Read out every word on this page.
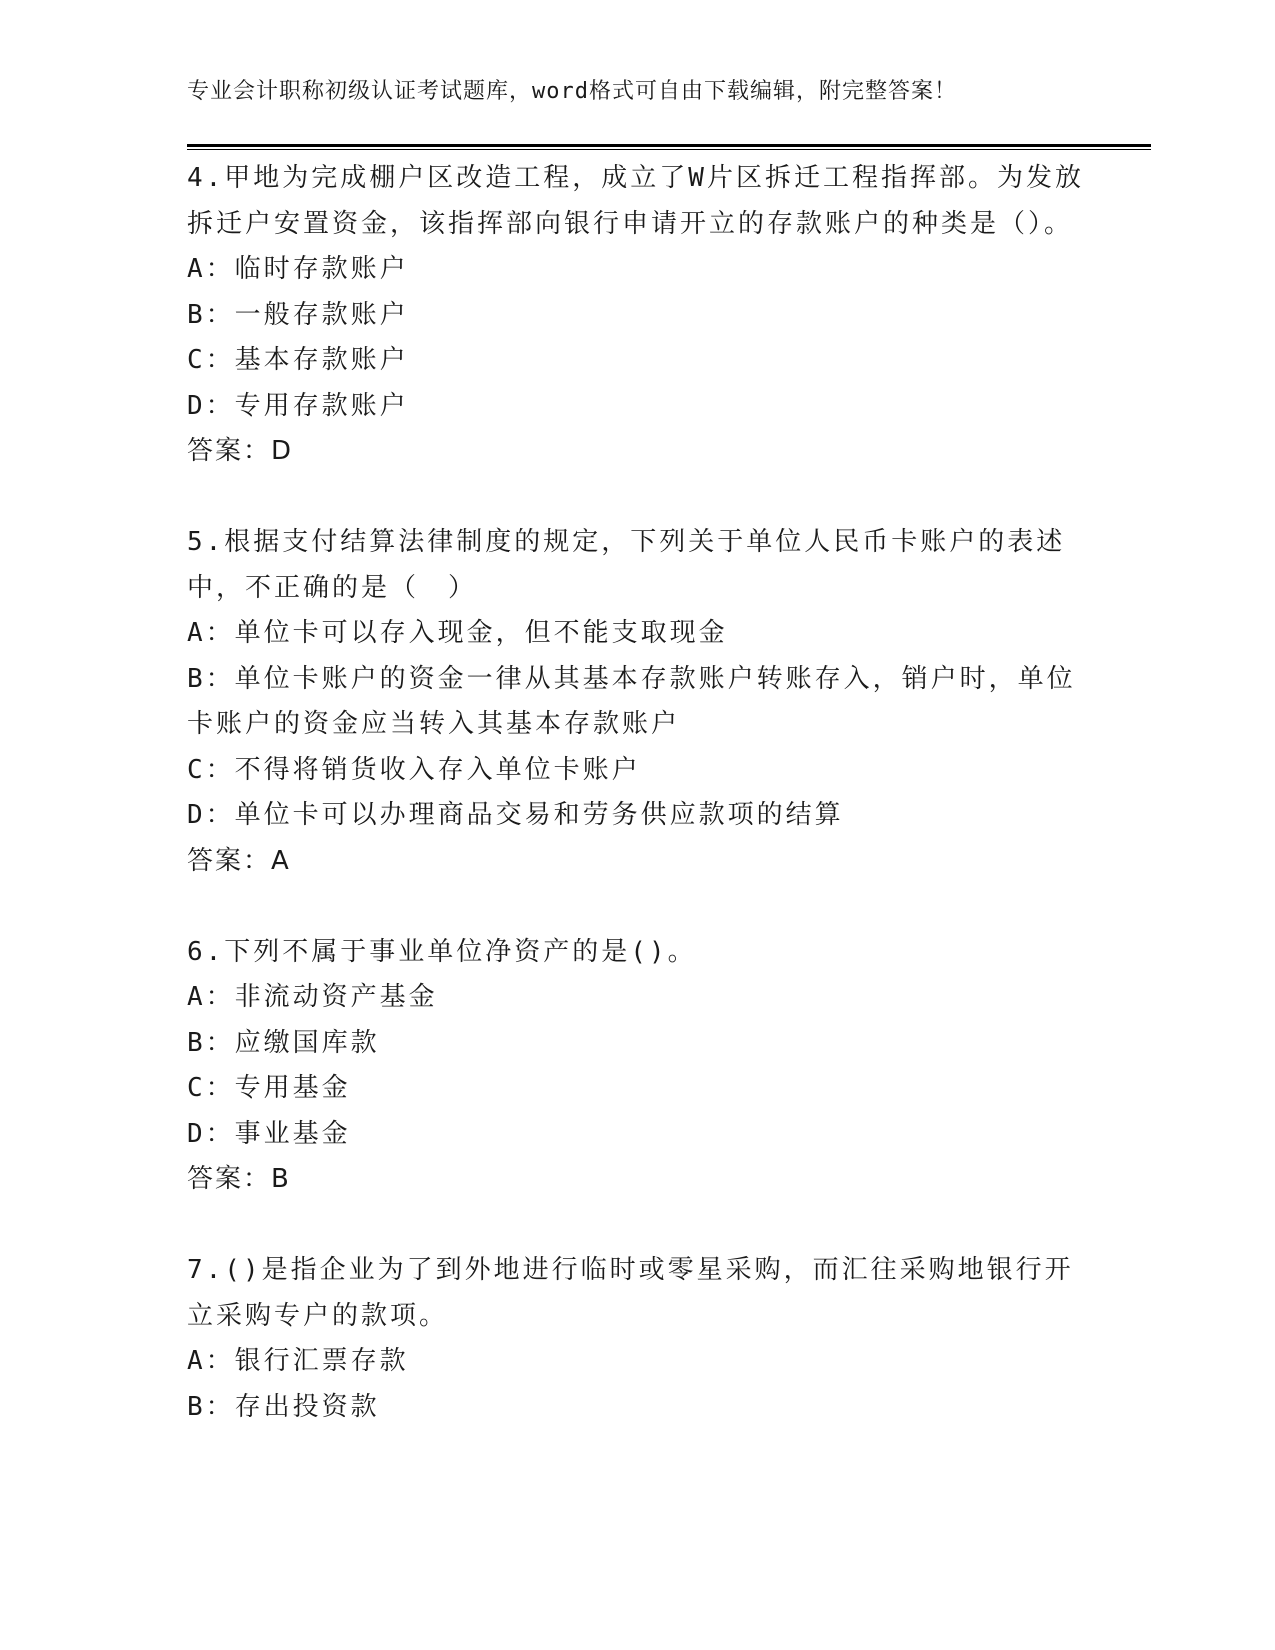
专业会计职称初级认证考试题库，word格式可自由下载编辑，附完整答案！
4.甲地为完成棚户区改造工程，成立了W片区拆迁工程指挥部。为发放拆迁户安置资金，该指挥部向银行申请开立的存款账户的种类是（）。
A：临时存款账户
B：一般存款账户
C：基本存款账户
D：专用存款账户
答案：D
5.根据支付结算法律制度的规定，下列关于单位人民币卡账户的表述中，不正确的是（　）
A：单位卡可以存入现金，但不能支取现金
B：单位卡账户的资金一律从其基本存款账户转账存入，销户时，单位卡账户的资金应当转入其基本存款账户
C：不得将销货收入存入单位卡账户
D：单位卡可以办理商品交易和劳务供应款项的结算
答案：A
6.下列不属于事业单位净资产的是()。
A：非流动资产基金
B：应缴国库款
C：专用基金
D：事业基金
答案：B
7.()是指企业为了到外地进行临时或零星采购，而汇往采购地银行开立采购专户的款项。
A：银行汇票存款
B：存出投资款
